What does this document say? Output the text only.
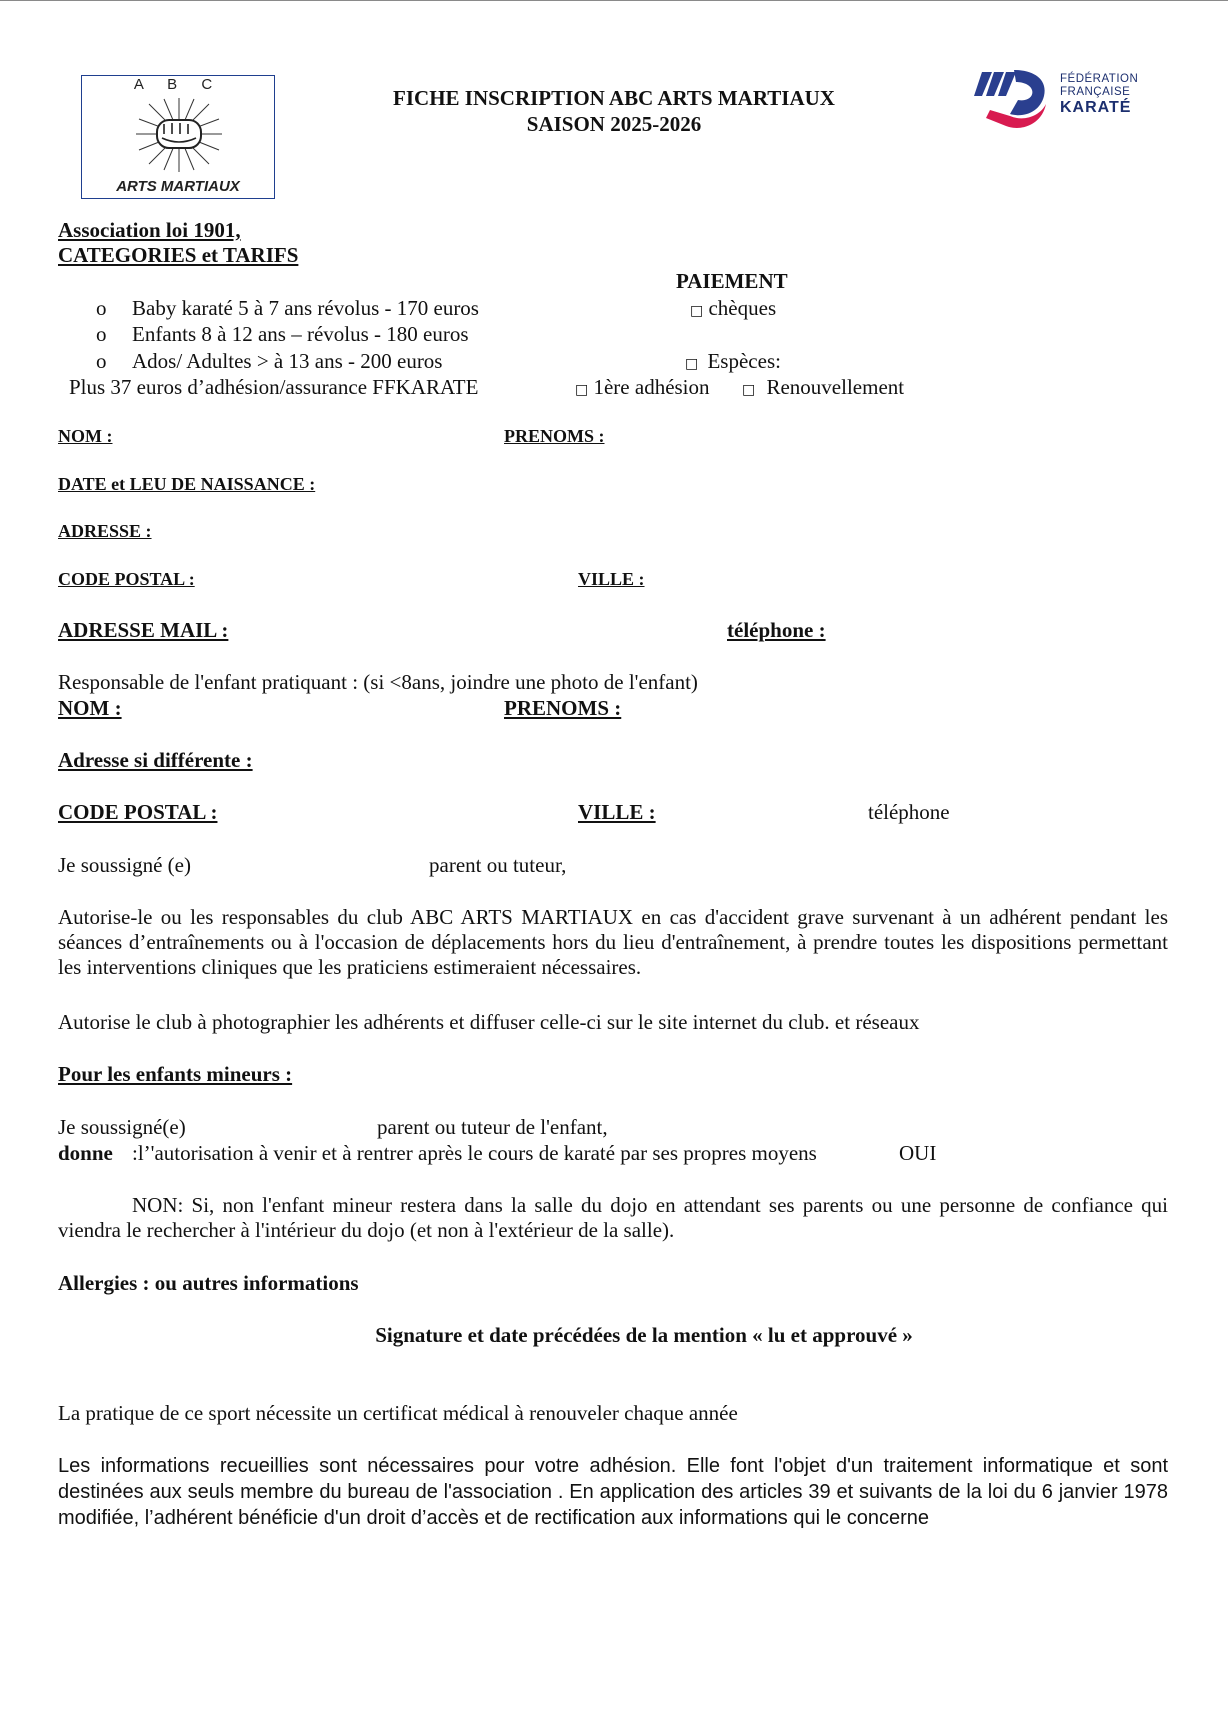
A B C
ARTS MARTIAUX
FICHE INSCRIPTION ABC ARTS MARTIAUX
SAISON 2025-2026
FÉDÉRATION
FRANÇAISE
KARATÉ
Association loi 1901,
CATEGORIES et TARIFS
PAIEMENT
□ chèques
□ Espèces:
□ 1ère adhésion □ Renouvellement
o Baby karaté 5 à 7 ans révolus - 170 euros
o Enfants 8 à 12 ans – révolus - 180 euros
o Ados/ Adultes > à 13 ans - 200 euros
Plus 37 euros d’adhésion/assurance FFKARATE
NOM :	PRENOMS :
DATE et LEU DE NAISSANCE :
ADRESSE :
CODE POSTAL :	VILLE :
ADRESSE MAIL :	téléphone :
Responsable de l'enfant pratiquant : (si <8ans, joindre une photo de l'enfant)
NOM :	PRENOMS :
Adresse si différente :
CODE POSTAL :	VILLE :	téléphone
Je soussigné (e)	parent ou tuteur,
Autorise-le ou les responsables du club ABC ARTS MARTIAUX en cas d'accident grave survenant à un adhérent pendant les séances d’entraînements ou à l'occasion de déplacements hors du lieu d'entraînement, à prendre toutes les dispositions permettant les interventions cliniques que les praticiens estimeraient nécessaires.
Autorise le club à photographier les adhérents et diffuser celle-ci sur le site internet du club. et réseaux
Pour les enfants mineurs :
Je soussigné(e)	parent ou tuteur de l'enfant,
donne :l’'autorisation à venir et à rentrer après le cours de karaté par ses propres moyens	OUI
NON: Si, non l'enfant mineur restera dans la salle du dojo en attendant ses parents ou une personne de confiance qui viendra le rechercher à l'intérieur du dojo (et non à l'extérieur de la salle).
Allergies : ou autres informations
Signature et date précédées de la mention « lu et approuvé »
La pratique de ce sport nécessite un certificat médical à renouveler chaque année
Les informations recueillies sont nécessaires pour votre adhésion. Elle font l'objet d'un traitement informatique et sont destinées aux seuls membre du bureau de l'association . En application des articles 39 et suivants de la loi du 6 janvier 1978 modifiée, l’adhérent bénéficie d'un droit d’accès et de rectification aux informations qui le concerne
